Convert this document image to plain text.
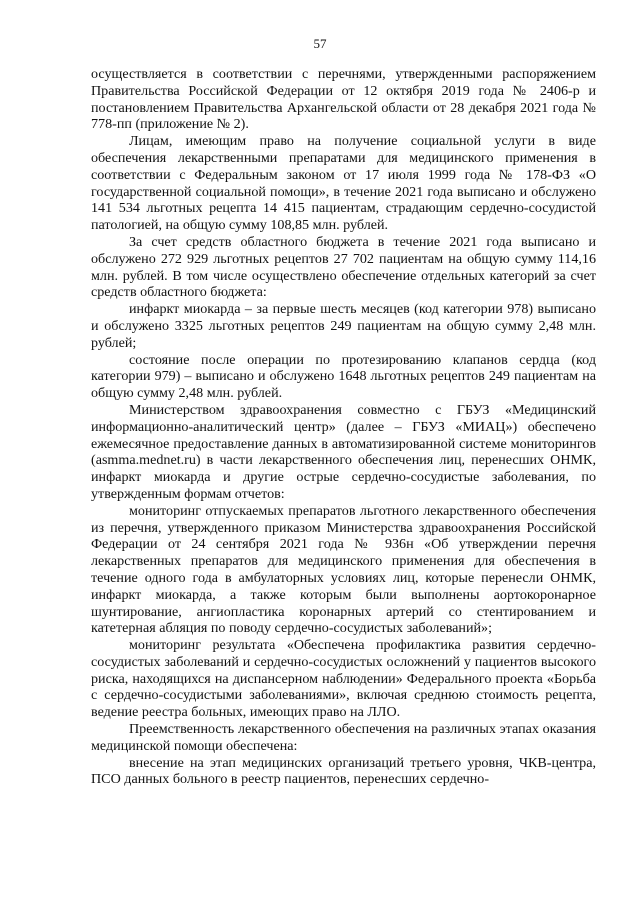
57

осуществляется в соответствии с перечнями, утвержденными распоряжением Правительства Российской Федерации от 12 октября 2019 года № 2406-р и постановлением Правительства Архангельской области от 28 декабря 2021 года № 778-пп (приложение № 2).

Лицам, имеющим право на получение социальной услуги в виде обеспечения лекарственными препаратами для медицинского применения в соответствии с Федеральным законом от 17 июля 1999 года № 178-ФЗ «О государственной социальной помощи», в течение 2021 года выписано и обслужено 141 534 льготных рецепта 14 415 пациентам, страдающим сердечно-сосудистой патологией, на общую сумму 108,85 млн. рублей.

За счет средств областного бюджета в течение 2021 года выписано и обслужено 272 929 льготных рецептов 27 702 пациентам на общую сумму 114,16 млн. рублей. В том числе осуществлено обеспечение отдельных категорий за счет средств областного бюджета:

инфаркт миокарда – за первые шесть месяцев (код категории 978) выписано и обслужено 3325 льготных рецептов 249 пациентам на общую сумму 2,48 млн. рублей;

состояние после операции по протезированию клапанов сердца (код категории 979) – выписано и обслужено 1648 льготных рецептов 249 пациентам на общую сумму 2,48 млн. рублей.

Министерством здравоохранения совместно с ГБУЗ «Медицинский информационно-аналитический центр» (далее – ГБУЗ «МИАЦ») обеспечено ежемесячное предоставление данных в автоматизированной системе мониторингов (asmma.mednet.ru) в части лекарственного обеспечения лиц, перенесших ОНМК, инфаркт миокарда и другие острые сердечно-сосудистые заболевания, по утвержденным формам отчетов:

мониторинг отпускаемых препаратов льготного лекарственного обеспечения из перечня, утвержденного приказом Министерства здравоохранения Российской Федерации от 24 сентября 2021 года № 936н «Об утверждении перечня лекарственных препаратов для медицинского применения для обеспечения в течение одного года в амбулаторных условиях лиц, которые перенесли ОНМК, инфаркт миокарда, а также которым были выполнены аортокоронарное шунтирование, ангиопластика коронарных артерий со стентированием и катетерная абляция по поводу сердечно-сосудистых заболеваний»;

мониторинг результата «Обеспечена профилактика развития сердечно-сосудистых заболеваний и сердечно-сосудистых осложнений у пациентов высокого риска, находящихся на диспансерном наблюдении» Федерального проекта «Борьба с сердечно-сосудистыми заболеваниями», включая среднюю стоимость рецепта, ведение реестра больных, имеющих право на ЛЛО.

Преемственность лекарственного обеспечения на различных этапах оказания медицинской помощи обеспечена:

внесение на этап медицинских организаций третьего уровня, ЧКВ-центра, ПСО данных больного в реестр пациентов, перенесших сердечно-
